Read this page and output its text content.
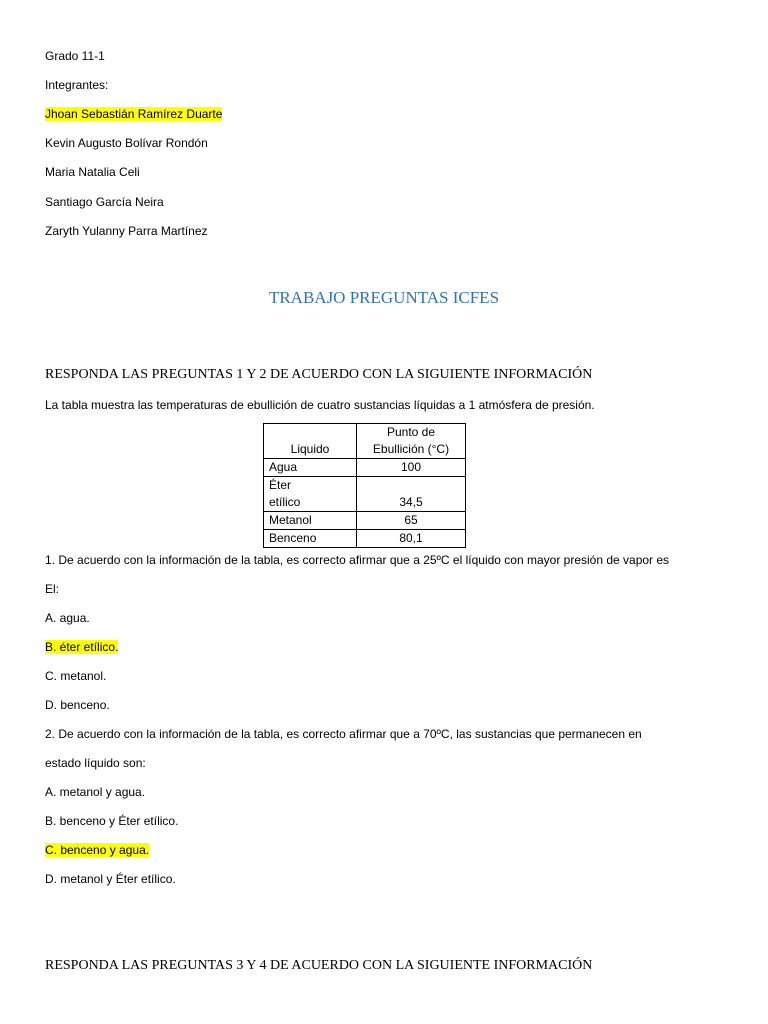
Grado 11-1
Integrantes:
Jhoan Sebastián Ramírez Duarte
Kevin Augusto Bolívar Rondón
Maria Natalia Celi
Santiago García Neira
Zaryth Yulanny Parra Martínez
TRABAJO PREGUNTAS ICFES
RESPONDA LAS PREGUNTAS 1 Y 2 DE ACUERDO CON LA SIGUIENTE INFORMACIÓN
La tabla muestra las temperaturas de ebullición de cuatro sustancias líquidas a 1 atmósfera de presión.
Liquido	Punto de
Ebullición (°C)
Agua	100
Éter
etílico	34,5
Metanol	65
Benceno	80,1
1. De acuerdo con la información de la tabla, es correcto afirmar que a 25ºC el líquido con mayor presión de vapor es
El:
A. agua.
B. éter etílico.
C. metanol.
D. benceno.
2. De acuerdo con la información de la tabla, es correcto afirmar que a 70ºC, las sustancias que permanecen en
estado líquido son:
A. metanol y agua.
B. benceno y Éter etílico.
C. benceno y agua.
D. metanol y Éter etílico.
RESPONDA LAS PREGUNTAS 3 Y 4 DE ACUERDO CON LA SIGUIENTE INFORMACIÓN
